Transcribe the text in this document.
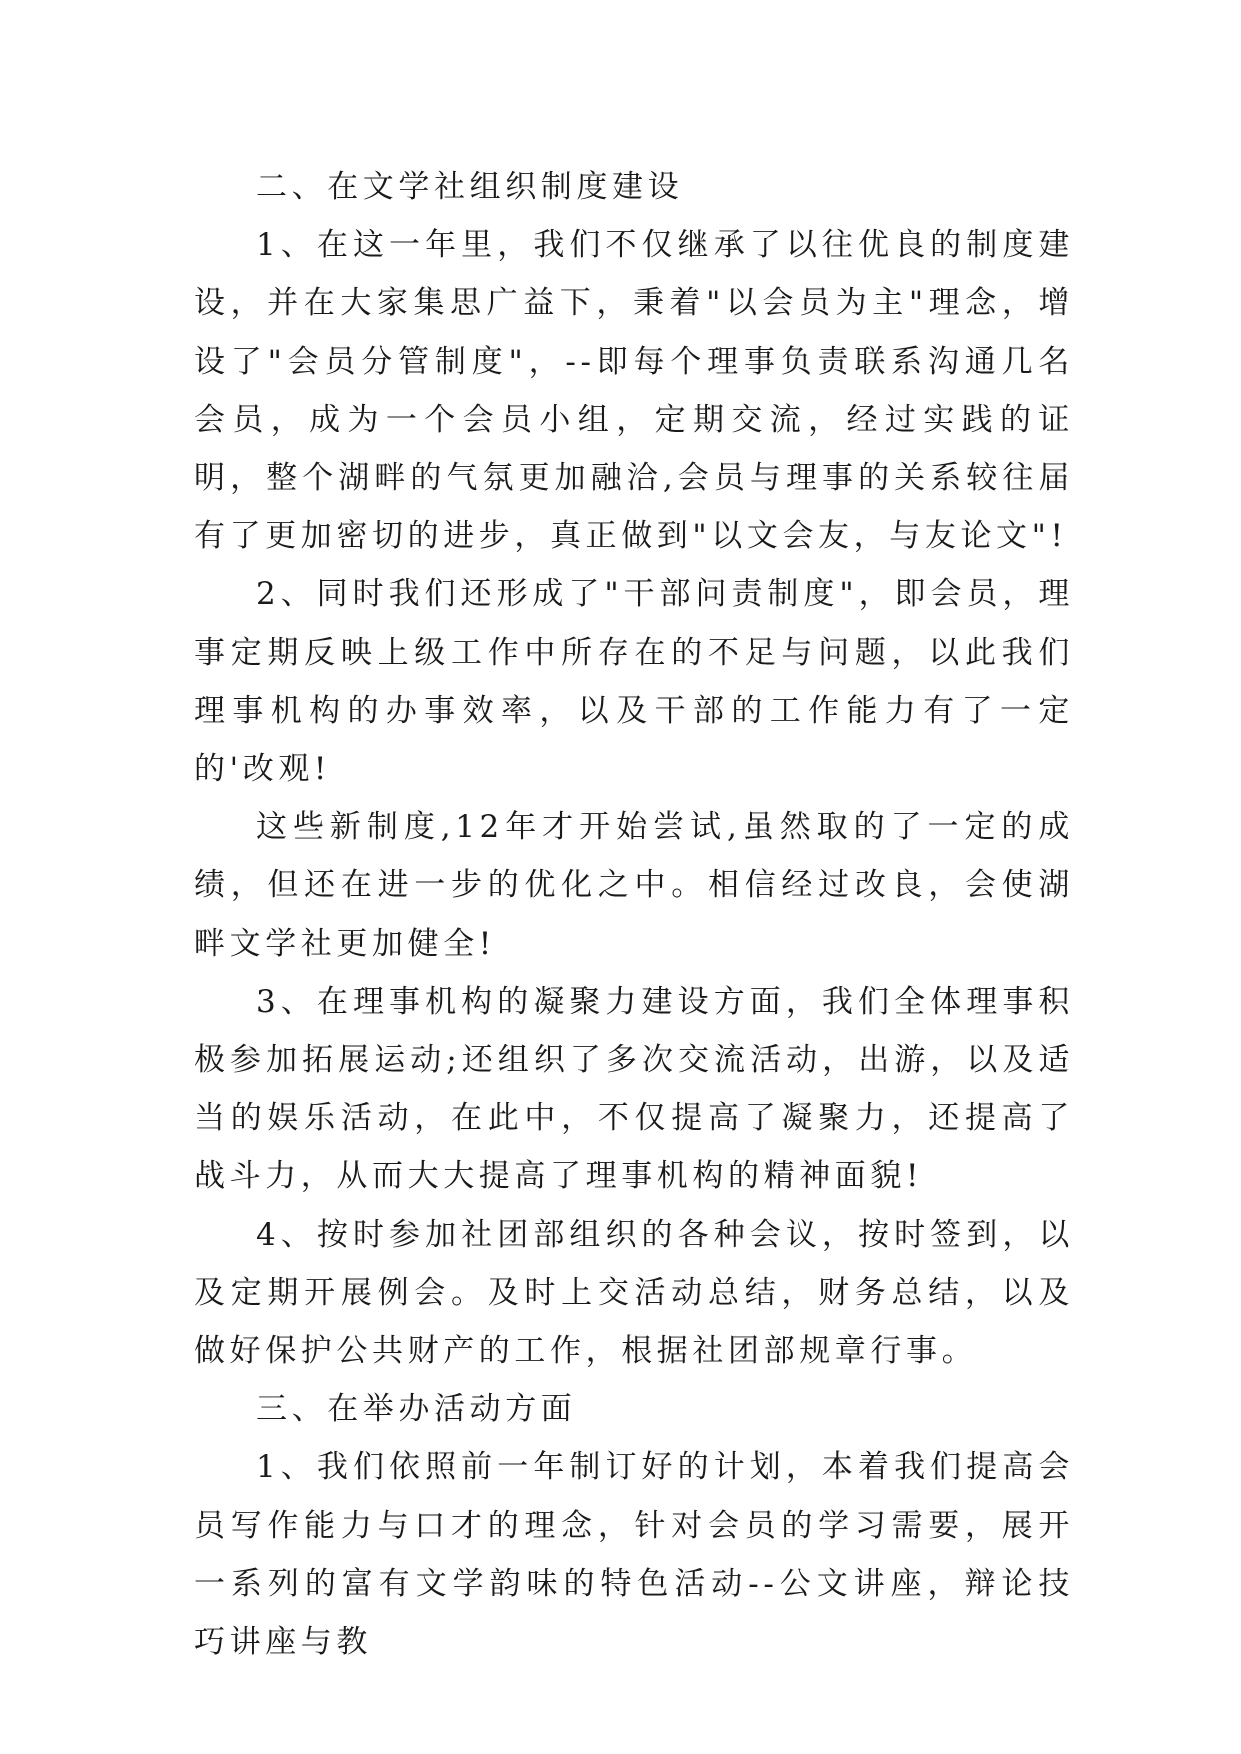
二、在文学社组织制度建设

1、在这一年里，我们不仅继承了以往优良的制度建设，并在大家集思广益下，秉着"以会员为主"理念，增设了"会员分管制度"，--即每个理事负责联系沟通几名会员，成为一个会员小组，定期交流，经过实践的证明，整个湖畔的气氛更加融洽,会员与理事的关系较往届有了更加密切的进步，真正做到"以文会友，与友论文"!

2、同时我们还形成了"干部问责制度"，即会员，理事定期反映上级工作中所存在的不足与问题，以此我们理事机构的办事效率，以及干部的工作能力有了一定的'改观!

这些新制度,12年才开始尝试,虽然取的了一定的成绩，但还在进一步的优化之中。相信经过改良，会使湖畔文学社更加健全!

3、在理事机构的凝聚力建设方面，我们全体理事积极参加拓展运动;还组织了多次交流活动，出游，以及适当的娱乐活动，在此中，不仅提高了凝聚力，还提高了战斗力，从而大大提高了理事机构的精神面貌!

4、按时参加社团部组织的各种会议，按时签到，以及定期开展例会。及时上交活动总结，财务总结，以及做好保护公共财产的工作，根据社团部规章行事。

三、在举办活动方面

1、我们依照前一年制订好的计划，本着我们提高会员写作能力与口才的理念，针对会员的学习需要，展开一系列的富有文学韵味的特色活动--公文讲座，辩论技巧讲座与教
